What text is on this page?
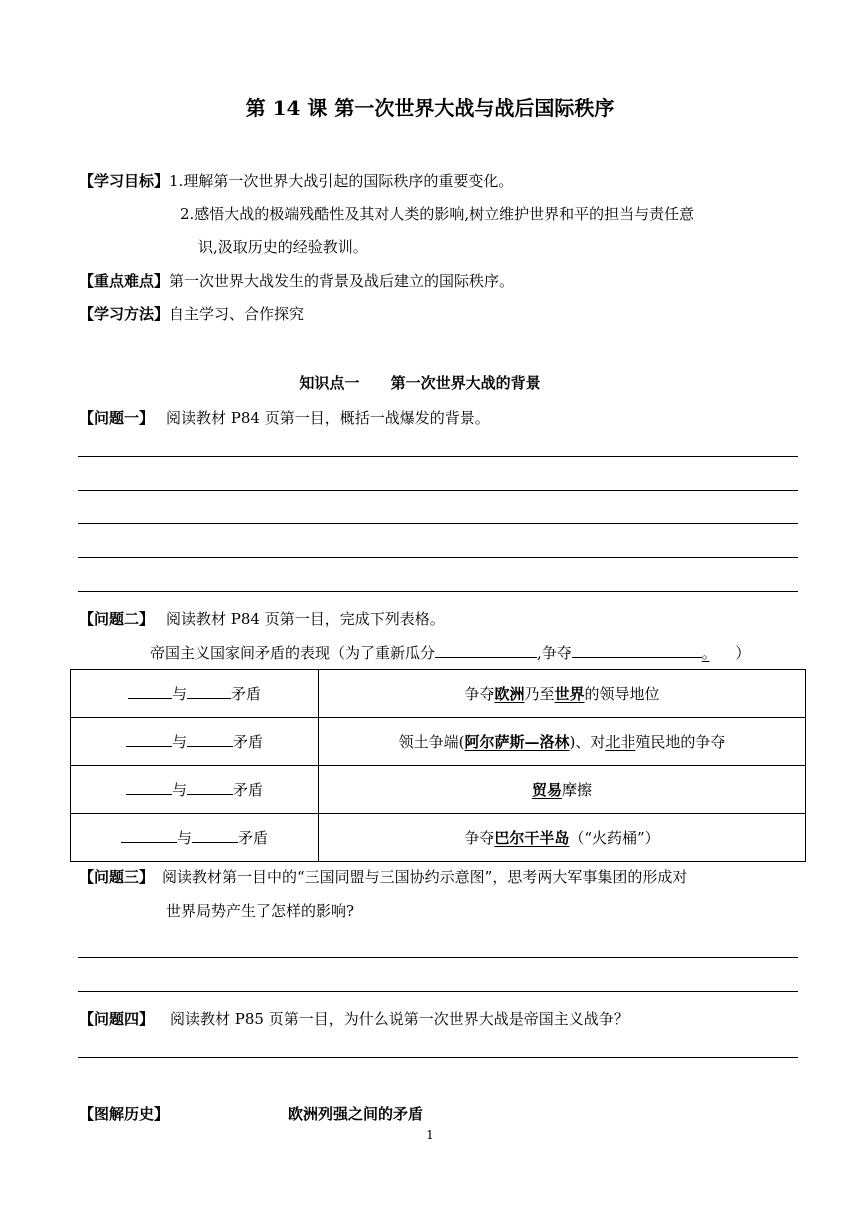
第 14 课 第一次世界大战与战后国际秩序
【学习目标】1.理解第一次世界大战引起的国际秩序的重要变化。
2.感悟大战的极端残酷性及其对人类的影响,树立维护世界和平的担当与责任意
识,汲取历史的经验教训。
【重点难点】第一次世界大战发生的背景及战后建立的国际秩序。
【学习方法】自主学习、合作探究
知识点一      第一次世界大战的背景
【问题一】 阅读教材 P84 页第一目，概括一战爆发的背景。
【问题二】 阅读教材 P84 页第一目，完成下列表格。
帝国主义国家间矛盾的表现（为了重新瓜分	,争夺	。 ）
与 矛盾	争夺欧洲乃至世界的领导地位
与 矛盾	领土争端(阿尔萨斯—洛林)、对北非殖民地的争夺
与 矛盾	贸易摩擦
与 矛盾	争夺巴尔干半岛（“火药桶”）
【问题三】 阅读教材第一目中的“三国同盟与三国协约示意图”，思考两大军事集团的形成对
世界局势产生了怎样的影响?
【问题四】 阅读教材 P85 页第一目，为什么说第一次世界大战是帝国主义战争？
【图解历史】	欧洲列强之间的矛盾
1
